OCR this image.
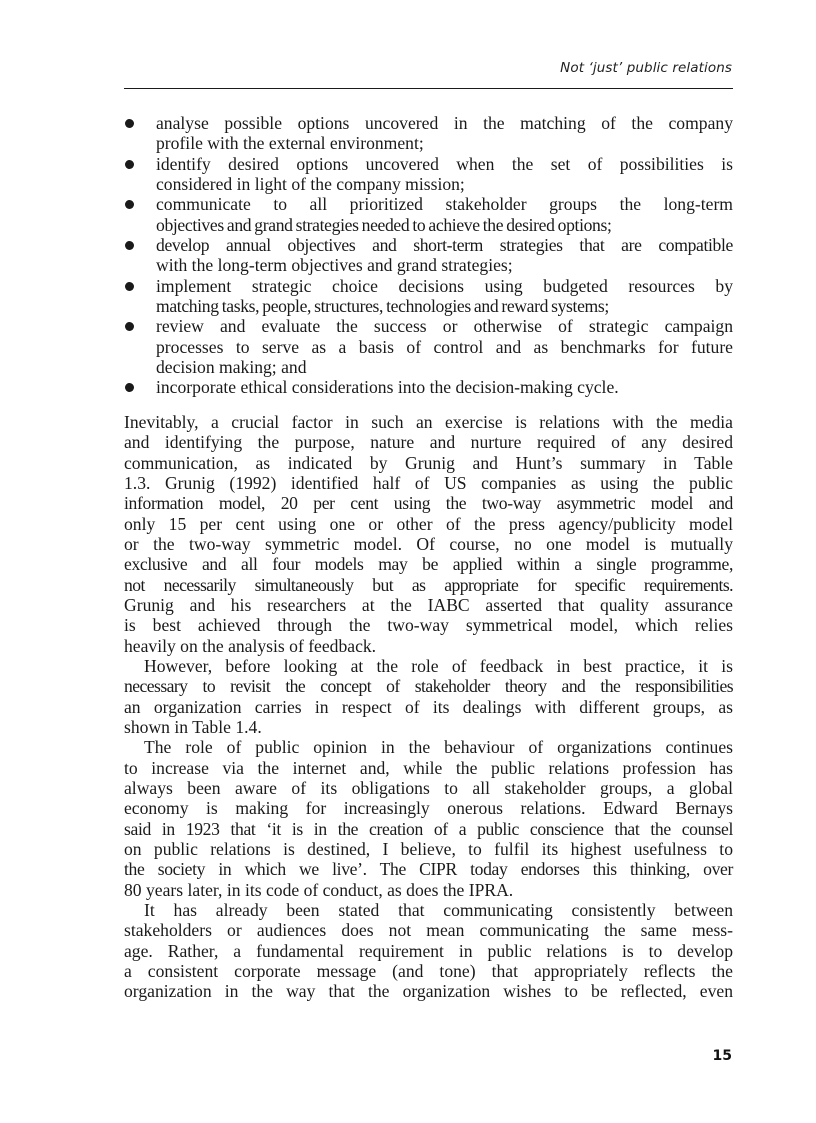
Not ‘just’ public relations
analyse possible options uncovered in the matching of the company
profile with the external environment;
identify desired options uncovered when the set of possibilities is
considered in light of the company mission;
communicate to all prioritized stakeholder groups the long-term
objectives and grand strategies needed to achieve the desired options;
develop annual objectives and short-term strategies that are compatible
with the long-term objectives and grand strategies;
implement strategic choice decisions using budgeted resources by
matching tasks, people, structures, technologies and reward systems;
review and evaluate the success or otherwise of strategic campaign
processes to serve as a basis of control and as benchmarks for future
decision making; and
incorporate ethical considerations into the decision-making cycle.
Inevitably, a crucial factor in such an exercise is relations with the media
and identifying the purpose, nature and nurture required of any desired
communication, as indicated by Grunig and Hunt’s summary in Table
1.3. Grunig (1992) identified half of US companies as using the public
information model, 20 per cent using the two-way asymmetric model and
only 15 per cent using one or other of the press agency/publicity model
or the two-way symmetric model. Of course, no one model is mutually
exclusive and all four models may be applied within a single programme,
not necessarily simultaneously but as appropriate for specific requirements.
Grunig and his researchers at the IABC asserted that quality assurance
is best achieved through the two-way symmetrical model, which relies
heavily on the analysis of feedback.
However, before looking at the role of feedback in best practice, it is
necessary to revisit the concept of stakeholder theory and the responsibilities
an organization carries in respect of its dealings with different groups, as
shown in Table 1.4.
The role of public opinion in the behaviour of organizations continues
to increase via the internet and, while the public relations profession has
always been aware of its obligations to all stakeholder groups, a global
economy is making for increasingly onerous relations. Edward Bernays
said in 1923 that ‘it is in the creation of a public conscience that the counsel
on public relations is destined, I believe, to fulfil its highest usefulness to
the society in which we live’. The CIPR today endorses this thinking, over
80 years later, in its code of conduct, as does the IPRA.
It has already been stated that communicating consistently between
stakeholders or audiences does not mean communicating the same mess-
age. Rather, a fundamental requirement in public relations is to develop
a consistent corporate message (and tone) that appropriately reflects the
organization in the way that the organization wishes to be reflected, even
15
